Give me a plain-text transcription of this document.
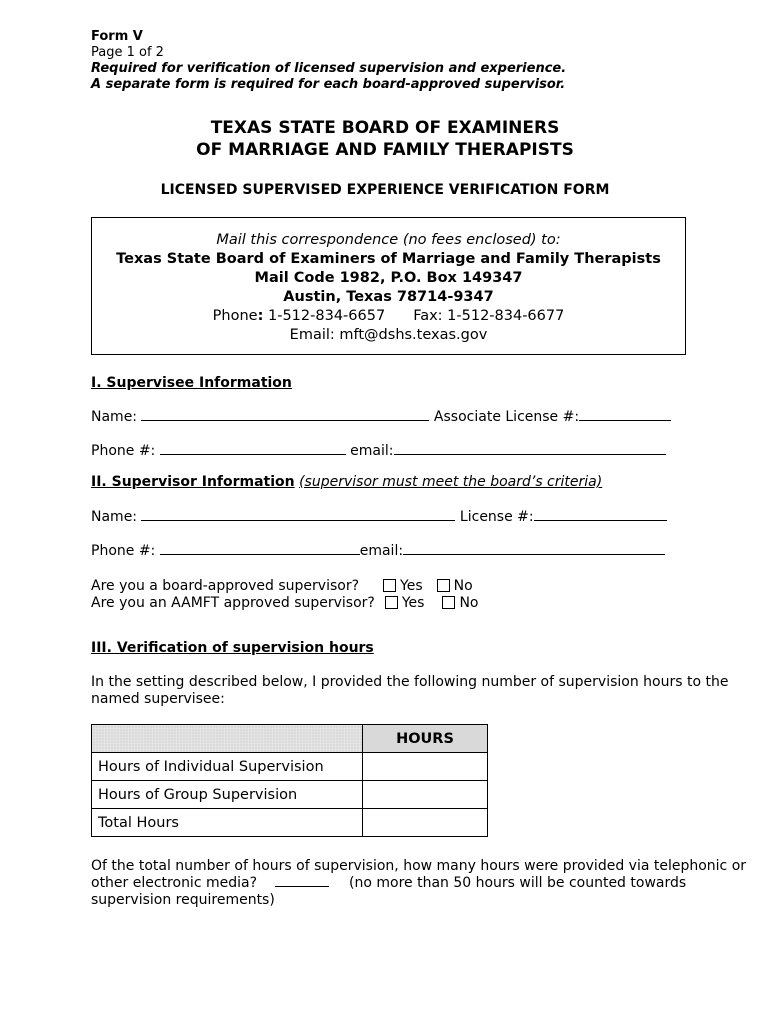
Form V
Page 1 of 2
Required for verification of licensed supervision and experience.
A separate form is required for each board-approved supervisor.
TEXAS STATE BOARD OF EXAMINERS
OF MARRIAGE AND FAMILY THERAPISTS
LICENSED SUPERVISED EXPERIENCE VERIFICATION FORM
Mail this correspondence (no fees enclosed) to:
Texas State Board of Examiners of Marriage and Family Therapists
Mail Code 1982, P.O. Box 149347
Austin, Texas 78714-9347
Phone: 1-512-834-6657 Fax: 1-512-834-6677
Email: mft@dshs.texas.gov
I. Supervisee Information
Name:	Associate License #:
Phone #:	email:
II. Supervisor Information (supervisor must meet the board’s criteria)
Name:	License #:
Phone #:	email:
Are you a board-approved supervisor?	Yes No
Are you an AAMFT approved supervisor? Yes	No
III. Verification of supervision hours
In the setting described below, I provided the following number of supervision hours to the
named supervisee:
	HOURS
Hours of Individual Supervision	
Hours of Group Supervision	
Total Hours	
Of the total number of hours of supervision, how many hours were provided via telephonic or
other electronic media?	(no more than 50 hours will be counted towards
supervision requirements)
